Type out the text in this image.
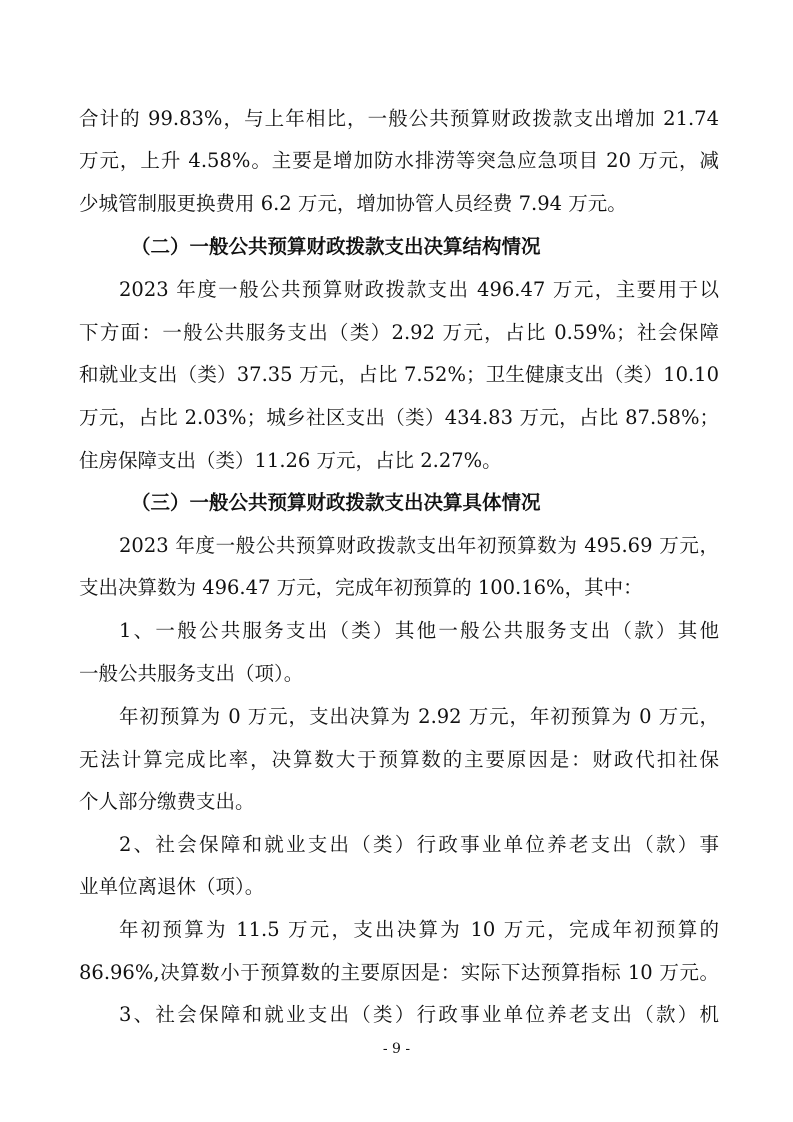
合计的 99.83%，与上年相比，一般公共预算财政拨款支出增加 21.74
万元，上升 4.58%。主要是增加防水排涝等突急应急项目 20 万元，减
少城管制服更换费用 6.2 万元，增加协管人员经费 7.94 万元。
（二）一般公共预算财政拨款支出决算结构情况
2023 年度一般公共预算财政拨款支出 496.47 万元，主要用于以
下方面：一般公共服务支出（类）2.92 万元，占比 0.59%；社会保障
和就业支出（类）37.35 万元，占比 7.52%；卫生健康支出（类）10.10
万元，占比 2.03%；城乡社区支出（类）434.83 万元，占比 87.58%；
住房保障支出（类）11.26 万元，占比 2.27%。
（三）一般公共预算财政拨款支出决算具体情况
2023 年度一般公共预算财政拨款支出年初预算数为 495.69 万元，
支出决算数为 496.47 万元，完成年初预算的 100.16%，其中：
1、一般公共服务支出（类）其他一般公共服务支出（款）其他
一般公共服务支出（项）。
年初预算为 0 万元，支出决算为 2.92 万元，年初预算为 0 万元，
无法计算完成比率，决算数大于预算数的主要原因是：财政代扣社保
个人部分缴费支出。
2、社会保障和就业支出（类）行政事业单位养老支出（款）事
业单位离退休（项）。
年初预算为 11.5 万元，支出决算为 10 万元，完成年初预算的
86.96%,决算数小于预算数的主要原因是：实际下达预算指标 10 万元。
3、社会保障和就业支出（类）行政事业单位养老支出（款）机
- 9 -
